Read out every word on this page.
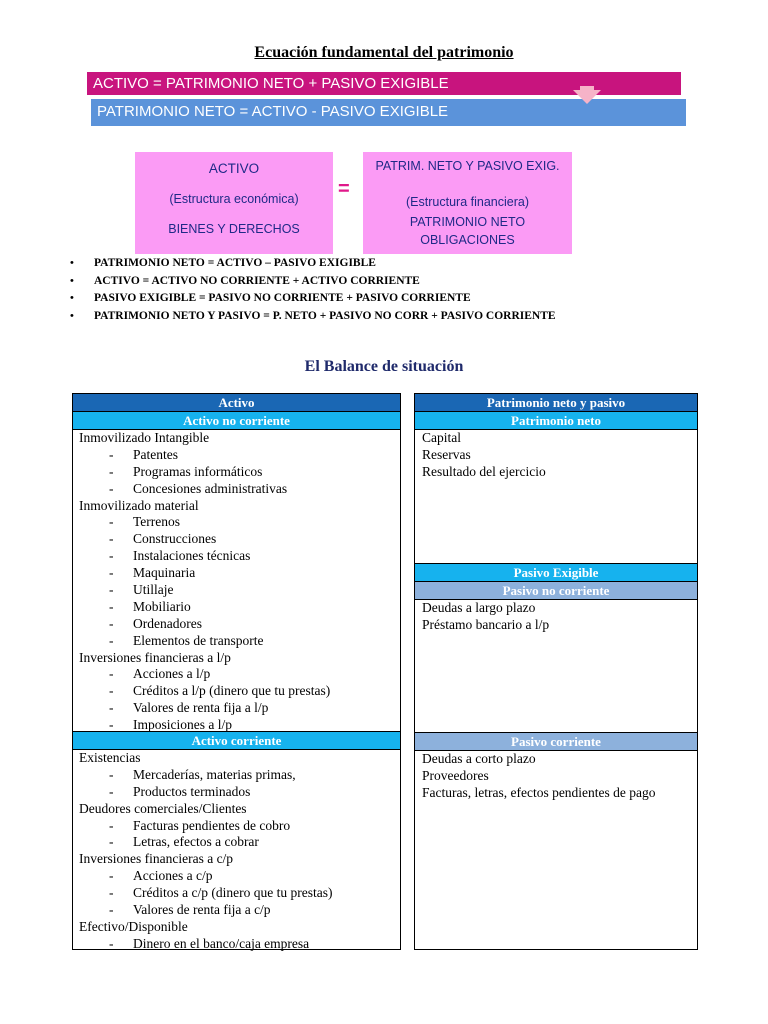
Ecuación fundamental del patrimonio
ACTIVO = PATRIMONIO NETO + PASIVO EXIGIBLE
PATRIMONIO NETO = ACTIVO - PASIVO EXIGIBLE
ACTIVO
(Estructura económica)
BIENES Y DERECHOS
=
PATRIM. NETO Y PASIVO EXIG.
(Estructura financiera)
PATRIMONIO NETO
OBLIGACIONES
• PATRIMONIO NETO = ACTIVO – PASIVO EXIGIBLE
• ACTIVO = ACTIVO NO CORRIENTE + ACTIVO CORRIENTE
• PASIVO EXIGIBLE = PASIVO NO CORRIENTE + PASIVO CORRIENTE
• PATRIMONIO NETO Y PASIVO = P. NETO + PASIVO NO CORR + PASIVO CORRIENTE
El Balance de situación
Activo
Activo no corriente
Inmovilizado Intangible
- Patentes
- Programas informáticos
- Concesiones administrativas
Inmovilizado material
- Terrenos
- Construcciones
- Instalaciones técnicas
- Maquinaria
- Utillaje
- Mobiliario
- Ordenadores
- Elementos de transporte
Inversiones financieras a l/p
- Acciones a l/p
- Créditos a l/p (dinero que tu prestas)
- Valores de renta fija a l/p
- Imposiciones a l/p
Activo corriente
Existencias
- Mercaderías, materias primas,
- Productos terminados
Deudores comerciales/Clientes
- Facturas pendientes de cobro
- Letras, efectos a cobrar
Inversiones financieras a c/p
- Acciones a c/p
- Créditos a c/p (dinero que tu prestas)
- Valores de renta fija a c/p
Efectivo/Disponible
- Dinero en el banco/caja empresa
Patrimonio neto y pasivo
Patrimonio neto
Capital
Reservas
Resultado del ejercicio
Pasivo Exigible
Pasivo no corriente
Deudas a largo plazo
Préstamo bancario a l/p
Pasivo corriente
Deudas a corto plazo
Proveedores
Facturas, letras, efectos pendientes de pago
